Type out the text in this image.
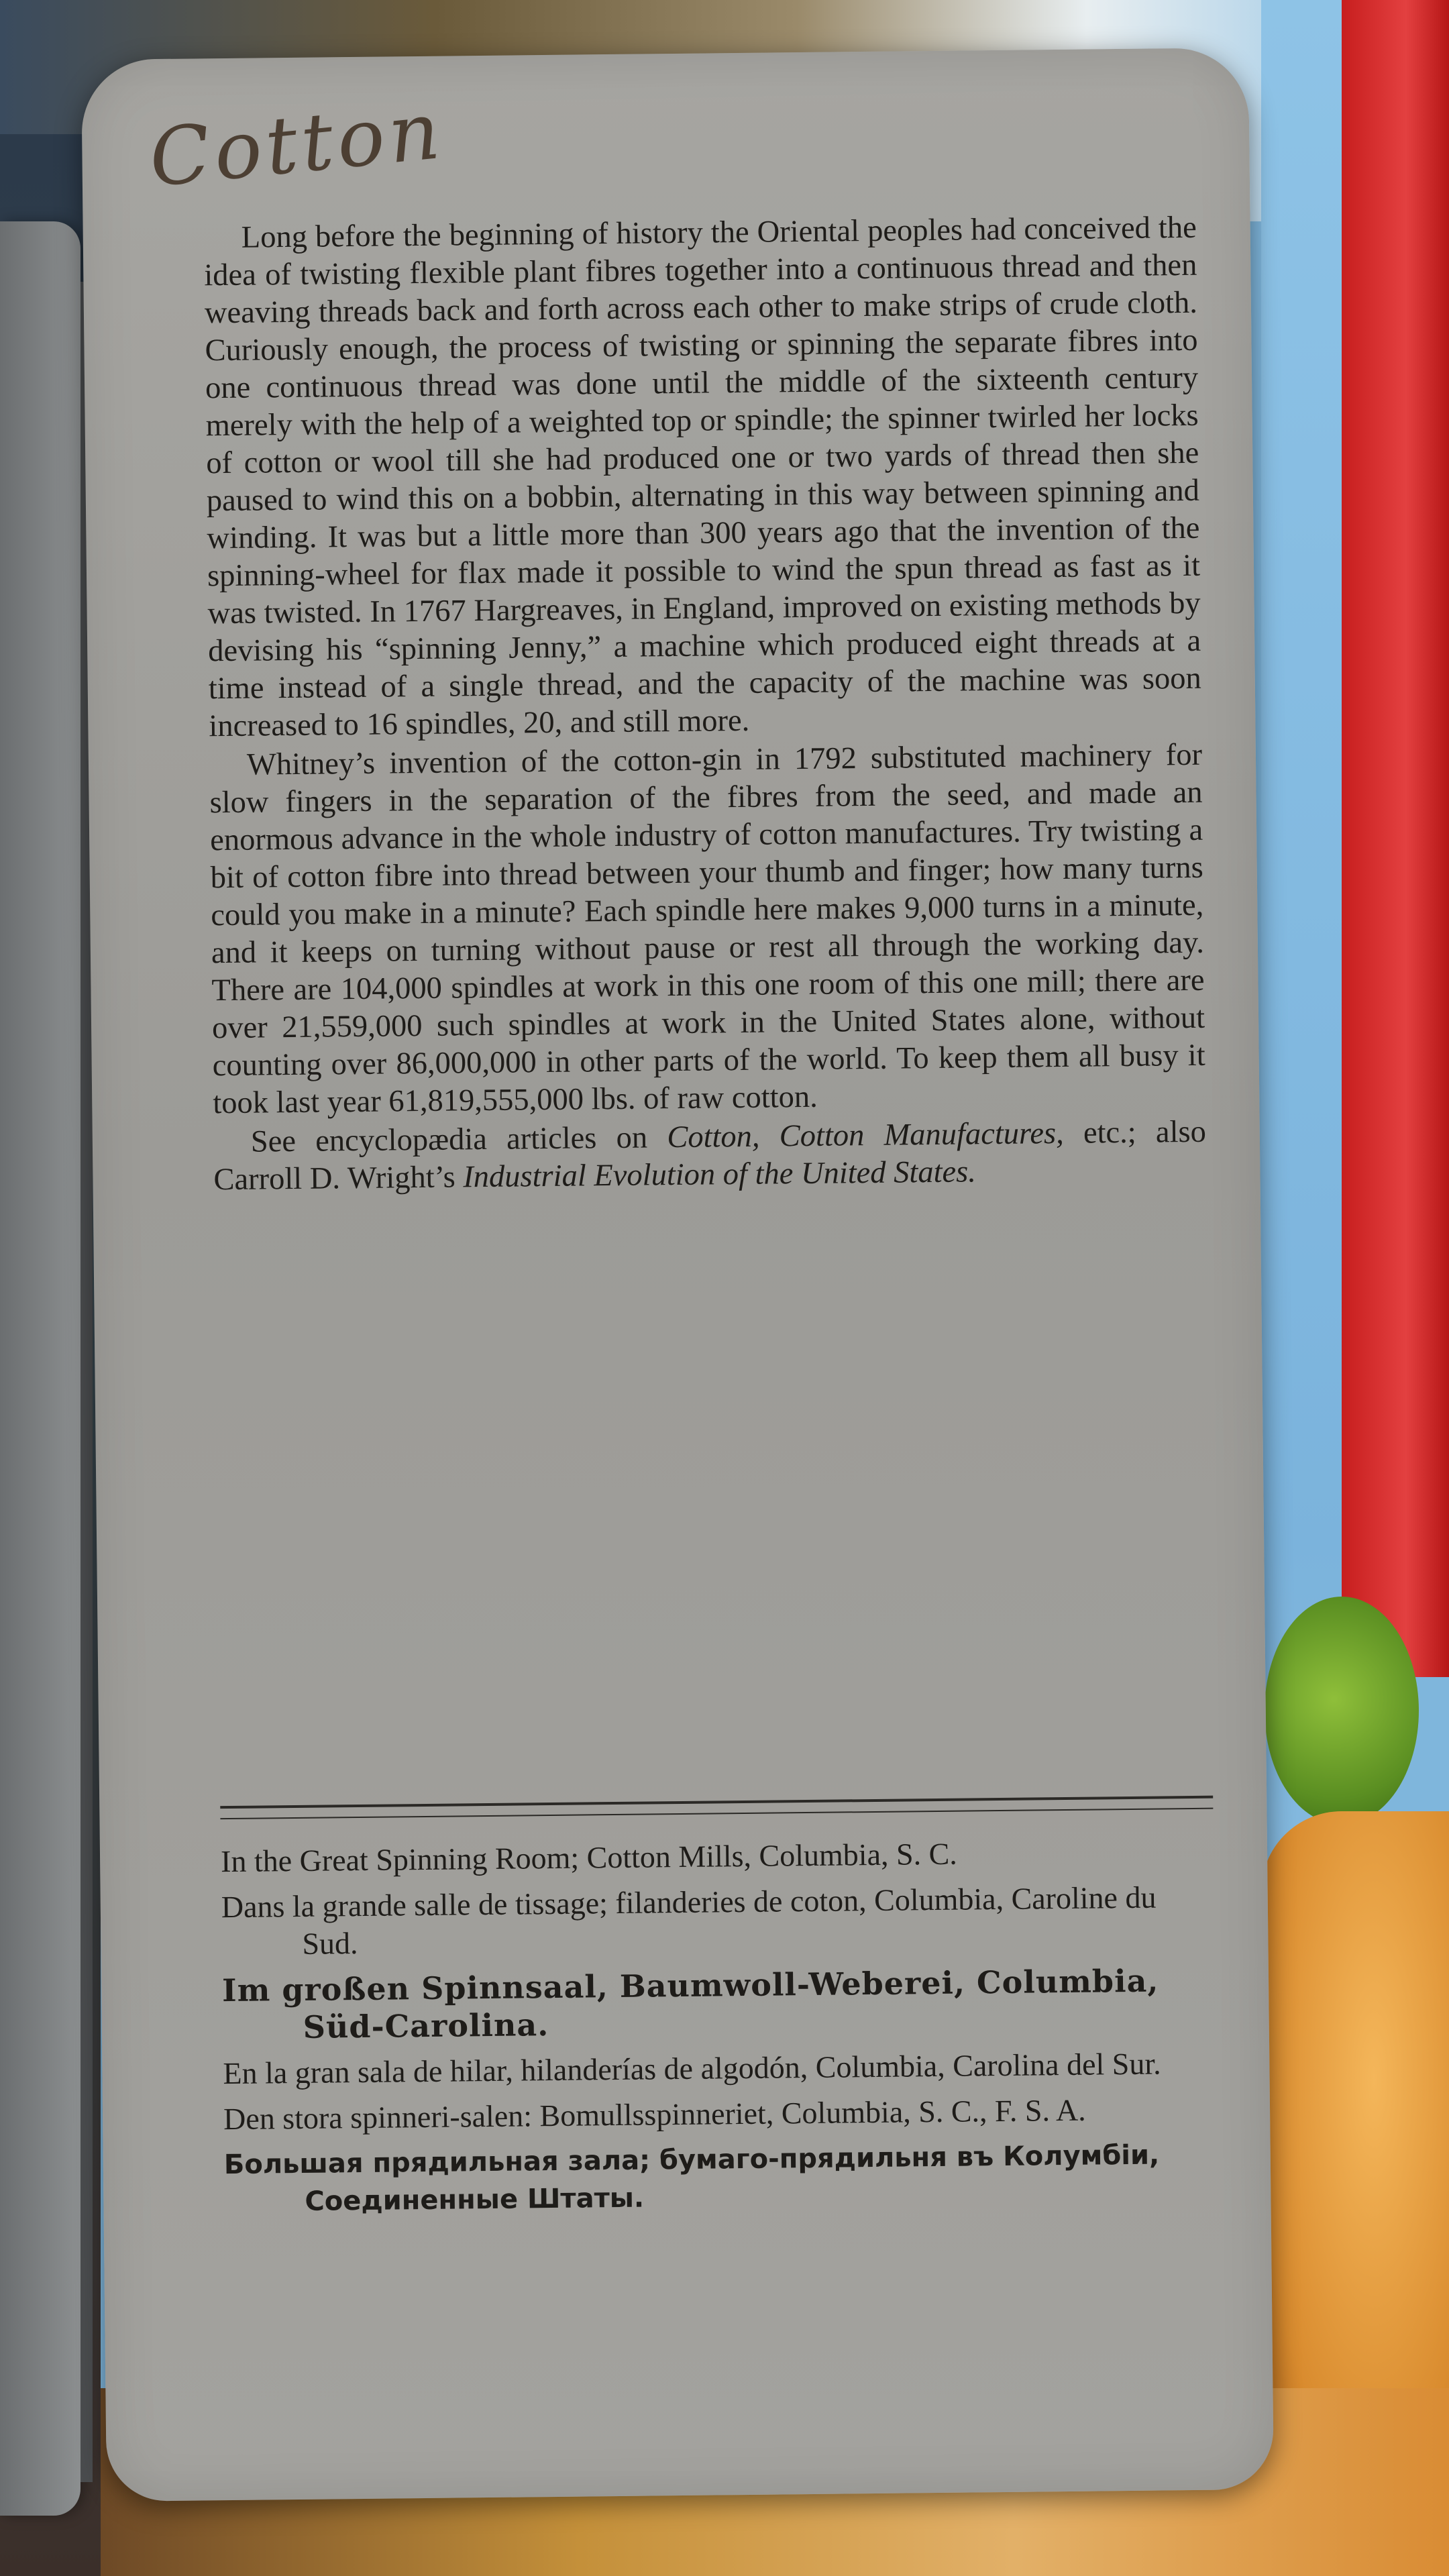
Cotton

Long before the beginning of history the Oriental peoples had conceived the idea of twisting flexible plant fibres together into a continuous thread and then weaving threads back and forth across each other to make strips of crude cloth. Curiously enough, the process of twisting or spinning the separate fibres into one continuous thread was done until the middle of the sixteenth century merely with the help of a weighted top or spindle; the spinner twirled her locks of cotton or wool till she had produced one or two yards of thread then she paused to wind this on a bobbin, alternating in this way between spinning and winding. It was but a little more than 300 years ago that the invention of the spinning-wheel for flax made it possible to wind the spun thread as fast as it was twisted. In 1767 Hargreaves, in England, improved on existing methods by devising his “spinning Jenny,” a machine which produced eight threads at a time instead of a single thread, and the capacity of the machine was soon increased to 16 spindles, 20, and still more.

Whitney’s invention of the cotton-gin in 1792 substituted machinery for slow fingers in the separation of the fibres from the seed, and made an enormous advance in the whole industry of cotton manufactures. Try twisting a bit of cotton fibre into thread between your thumb and finger; how many turns could you make in a minute? Each spindle here makes 9,000 turns in a minute, and it keeps on turning without pause or rest all through the working day. There are 104,000 spindles at work in this one room of this one mill; there are over 21,559,000 such spindles at work in the United States alone, without counting over 86,000,000 in other parts of the world. To keep them all busy it took last year 61,819,555,000 lbs. of raw cotton.

See encyclopædia articles on Cotton, Cotton Manufactures, etc.; also Carroll D. Wright’s Industrial Evolution of the United States.

In the Great Spinning Room; Cotton Mills, Columbia, S. C.

Dans la grande salle de tissage; filanderies de coton, Columbia, Caroline du Sud.

Im großen Spinnsaal, Baumwoll-Weberei, Columbia, Süd-Carolina.

En la gran sala de hilar, hilanderías de algodón, Columbia, Carolina del Sur.

Den stora spinneri-salen: Bomullsspinneriet, Columbia, S. C., F. S. A.

Большая прядильная зала; бумаго-прядильня въ Колумбіи, Соединенные Штаты.
